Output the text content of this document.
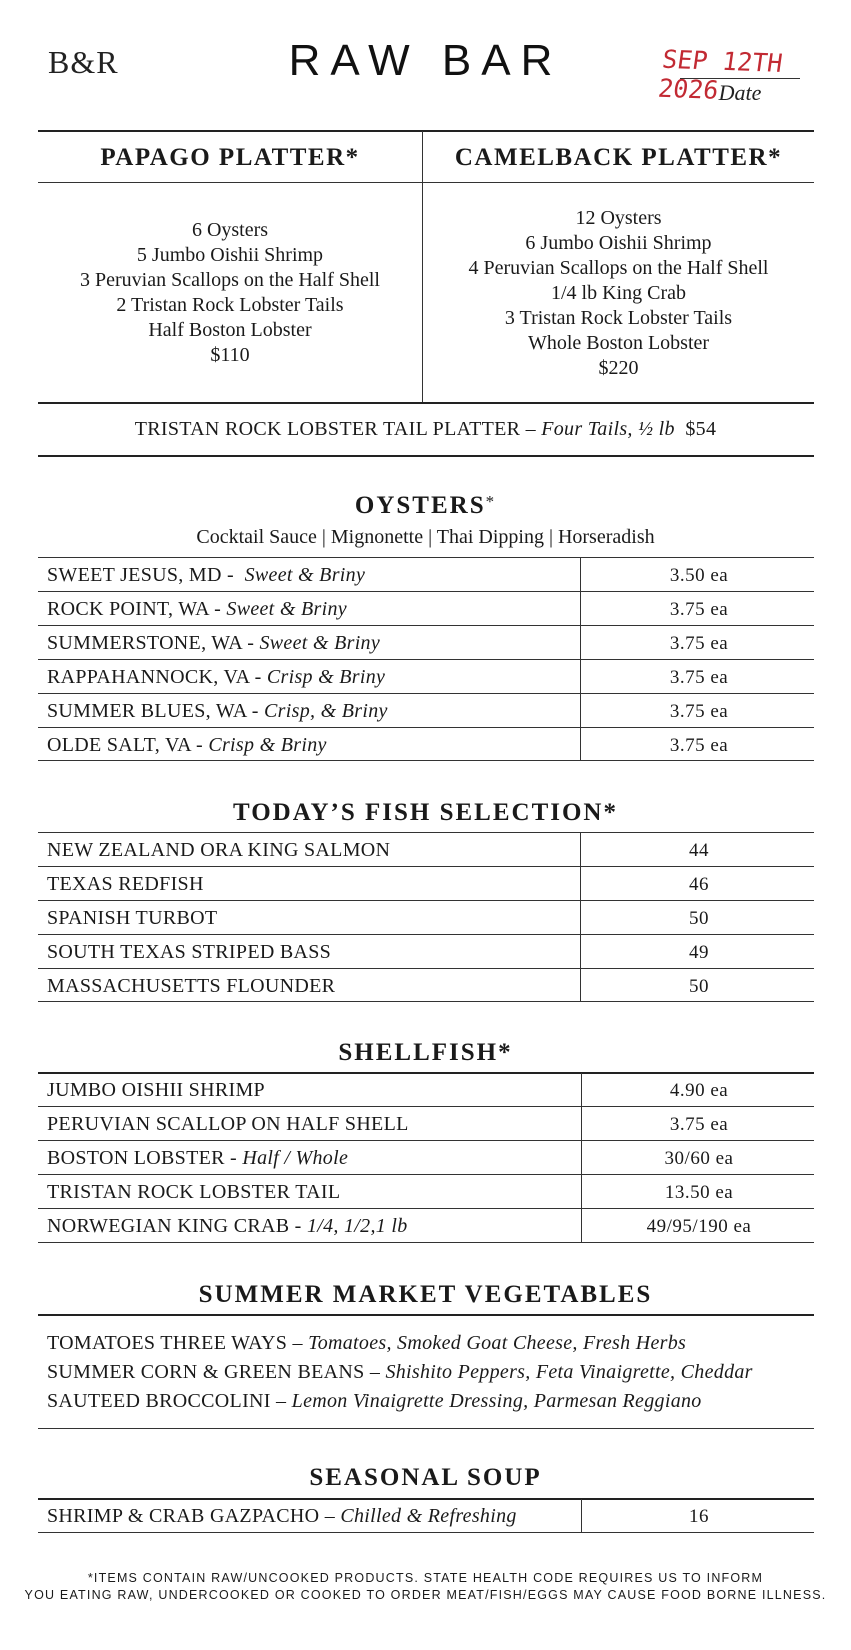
B&R	RAW BAR	SEP 12TH 2026
Date
PAPAGO PLATTER*	CAMELBACK PLATTER*
6 Oysters
5 Jumbo Oishii Shrimp
3 Peruvian Scallops on the Half Shell
2 Tristan Rock Lobster Tails
Half Boston Lobster
$110
12 Oysters
6 Jumbo Oishii Shrimp
4 Peruvian Scallops on the Half Shell
1/4 lb King Crab
3 Tristan Rock Lobster Tails
Whole Boston Lobster
$220
TRISTAN ROCK LOBSTER TAIL PLATTER – Four Tails, ½ lb $54
OYSTERS*
Cocktail Sauce | Mignonette | Thai Dipping | Horseradish
SWEET JESUS, MD - Sweet & Briny	3.50 ea
ROCK POINT, WA - Sweet & Briny	3.75 ea
SUMMERSTONE, WA - Sweet & Briny	3.75 ea
RAPPAHANNOCK, VA - Crisp & Briny	3.75 ea
SUMMER BLUES, WA - Crisp, & Briny	3.75 ea
OLDE SALT, VA - Crisp & Briny	3.75 ea
TODAY’S FISH SELECTION*
NEW ZEALAND ORA KING SALMON	44
TEXAS REDFISH	46
SPANISH TURBOT	50
SOUTH TEXAS STRIPED BASS	49
MASSACHUSETTS FLOUNDER	50
SHELLFISH*
JUMBO OISHII SHRIMP	4.90 ea
PERUVIAN SCALLOP ON HALF SHELL	3.75 ea
BOSTON LOBSTER - Half / Whole	30/60 ea
TRISTAN ROCK LOBSTER TAIL	13.50 ea
NORWEGIAN KING CRAB - 1/4, 1/2,1 lb	49/95/190 ea
SUMMER MARKET VEGETABLES
TOMATOES THREE WAYS – Tomatoes, Smoked Goat Cheese, Fresh Herbs
SUMMER CORN & GREEN BEANS – Shishito Peppers, Feta Vinaigrette, Cheddar
SAUTEED BROCCOLINI – Lemon Vinaigrette Dressing, Parmesan Reggiano
SEASONAL SOUP
SHRIMP & CRAB GAZPACHO – Chilled & Refreshing	16
*ITEMS CONTAIN RAW/UNCOOKED PRODUCTS. STATE HEALTH CODE REQUIRES US TO INFORM
YOU EATING RAW, UNDERCOOKED OR COOKED TO ORDER MEAT/FISH/EGGS MAY CAUSE FOOD BORNE ILLNESS.
